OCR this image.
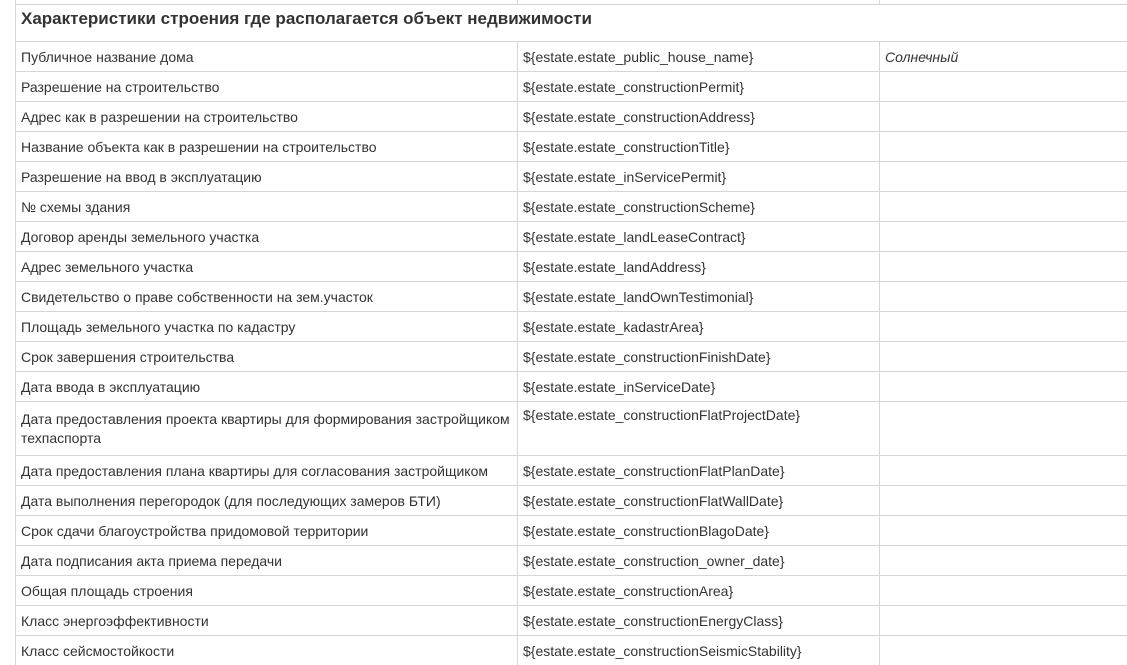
Характеристики строения где располагается объект недвижимости		
Публичное название дома	${estate.estate_public_house_name}	Солнечный
Разрешение на строительство	${estate.estate_constructionPermit}	
Адрес как в разрешении на строительство	${estate.estate_constructionAddress}	
Название объекта как в разрешении на строительство	${estate.estate_constructionTitle}	
Разрешение на ввод в эксплуатацию	${estate.estate_inServicePermit}	
№ схемы здания	${estate.estate_constructionScheme}	
Договор аренды земельного участка	${estate.estate_landLeaseContract}	
Адрес земельного участка	${estate.estate_landAddress}	
Свидетельство о праве собственности на зем.участок	${estate.estate_landOwnTestimonial}	
Площадь земельного участка по кадастру	${estate.estate_kadastrArea}	
Срок завершения строительства	${estate.estate_constructionFinishDate}	
Дата ввода в эксплуатацию	${estate.estate_inServiceDate}	
Дата предоставления проекта квартиры для формирования застройщиком техпаспорта	${estate.estate_constructionFlatProjectDate}	
Дата предоставления плана квартиры для согласования застройщиком	${estate.estate_constructionFlatPlanDate}	
Дата выполнения перегородок (для последующих замеров БТИ)	${estate.estate_constructionFlatWallDate}	
Срок сдачи благоустройства придомовой территории	${estate.estate_constructionBlagoDate}	
Дата подписания акта приема передачи	${estate.estate_construction_owner_date}	
Общая площадь строения	${estate.estate_constructionArea}	
Класс энергоэффективности	${estate.estate_constructionEnergyClass}	
Класс сейсмостойкости	${estate.estate_constructionSeismicStability}	
